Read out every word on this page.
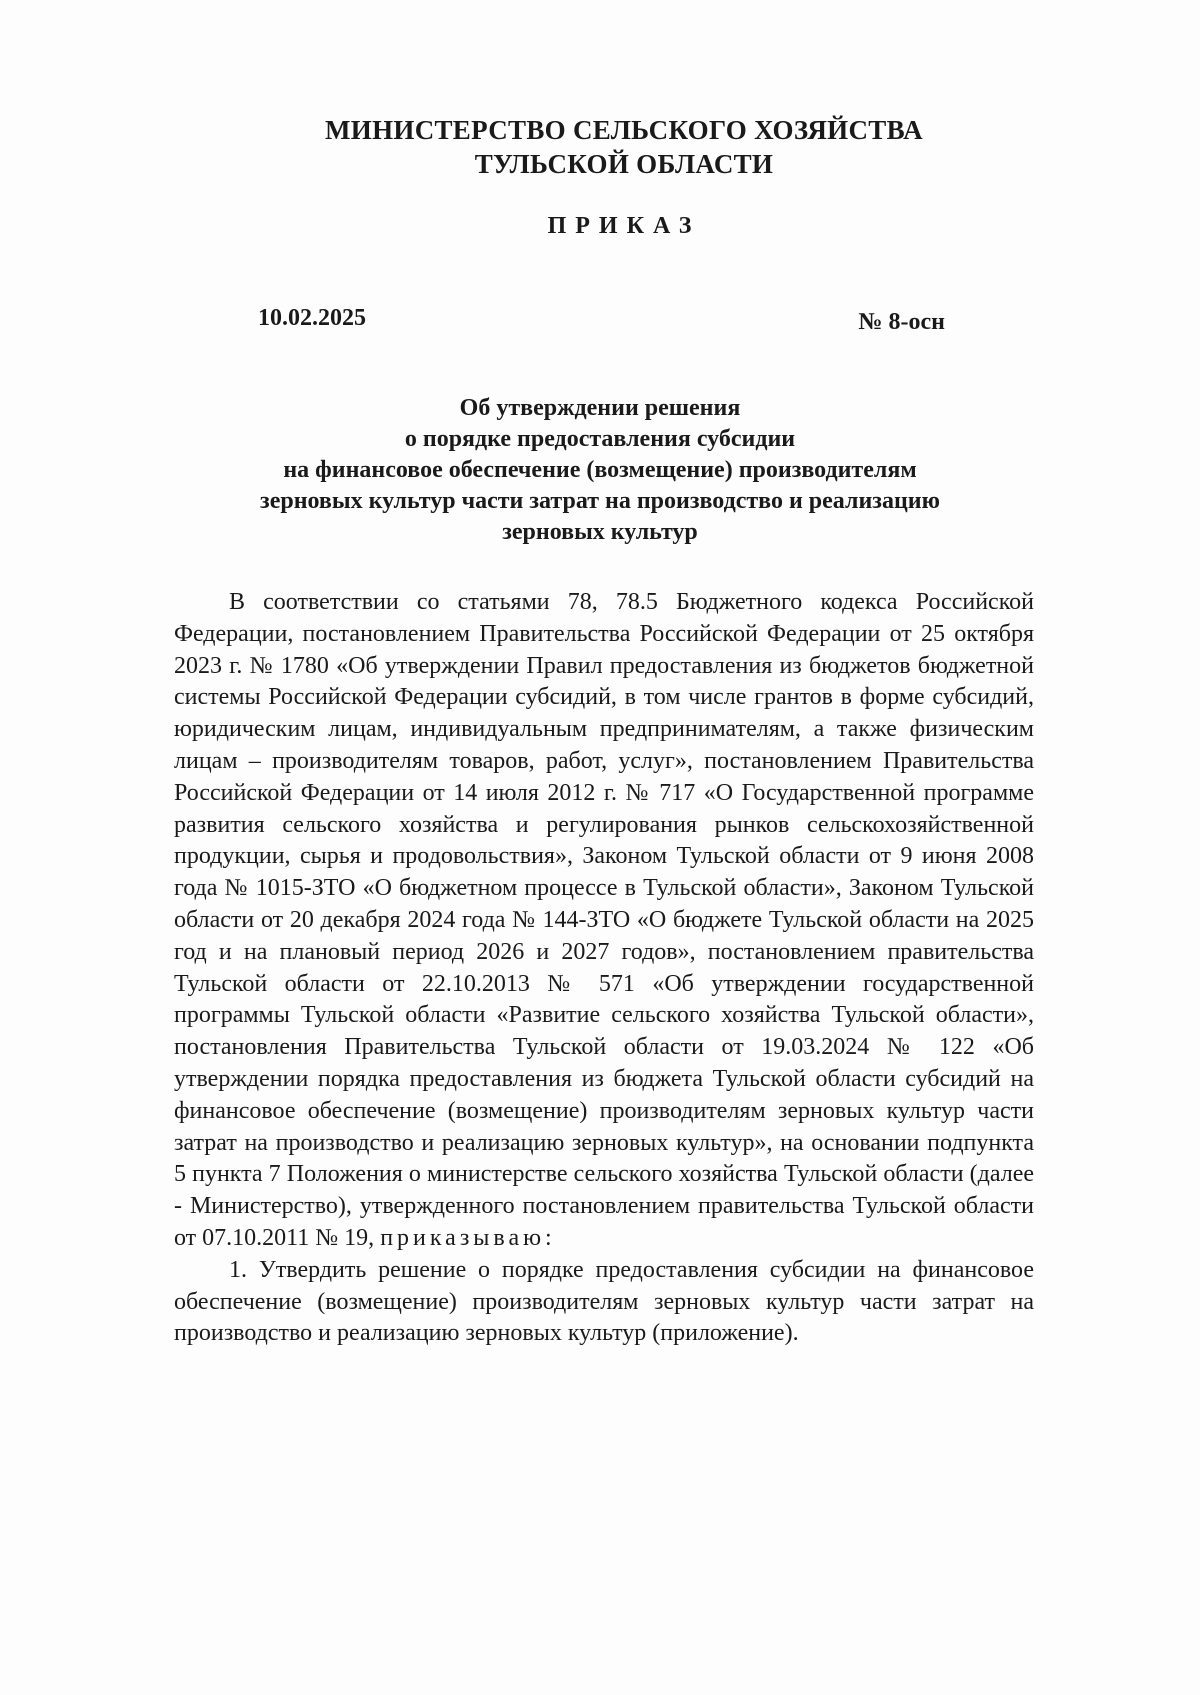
МИНИСТЕРСТВО СЕЛЬСКОГО ХОЗЯЙСТВА
ТУЛЬСКОЙ ОБЛАСТИ
ПРИКАЗ
10.02.2025	№ 8-осн
Об утверждении решения
о порядке предоставления субсидии
на финансовое обеспечение (возмещение) производителям
зерновых культур части затрат на производство и реализацию
зерновых культур

В соответствии со статьями 78, 78.5 Бюджетного кодекса Российской Федерации, постановлением Правительства Российской Федерации от 25 октября 2023 г. № 1780 «Об утверждении Правил предоставления из бюджетов бюджетной системы Российской Федерации субсидий, в том числе грантов в форме субсидий, юридическим лицам, индивидуальным предпринимателям, а также физическим лицам – производителям товаров, работ, услуг», постановлением Правительства Российской Федерации от 14 июля 2012 г. № 717 «О Государственной программе развития сельского хозяйства и регулирования рынков сельскохозяйственной продукции, сырья и продовольствия», Законом Тульской области от 9 июня 2008 года № 1015-ЗТО «О бюджетном процессе в Тульской области», Законом Тульской области от 20 декабря 2024 года № 144-ЗТО «О бюджете Тульской области на 2025 год и на плановый период 2026 и 2027 годов», постановлением правительства Тульской области от 22.10.2013 № 571 «Об утверждении государственной программы Тульской области «Развитие сельского хозяйства Тульской области», постановления Правительства Тульской области от 19.03.2024 № 122 «Об утверждении порядка предоставления из бюджета Тульской области субсидий на финансовое обеспечение (возмещение) производителям зерновых культур части затрат на производство и реализацию зерновых культур», на основании подпункта 5 пункта 7 Положения о министерстве сельского хозяйства Тульской области (далее - Министерство), утвержденного постановлением правительства Тульской области от 07.10.2011 № 19, приказываю:

1. Утвердить решение о порядке предоставления субсидии на финансовое обеспечение (возмещение) производителям зерновых культур части затрат на производство и реализацию зерновых культур (приложение).
